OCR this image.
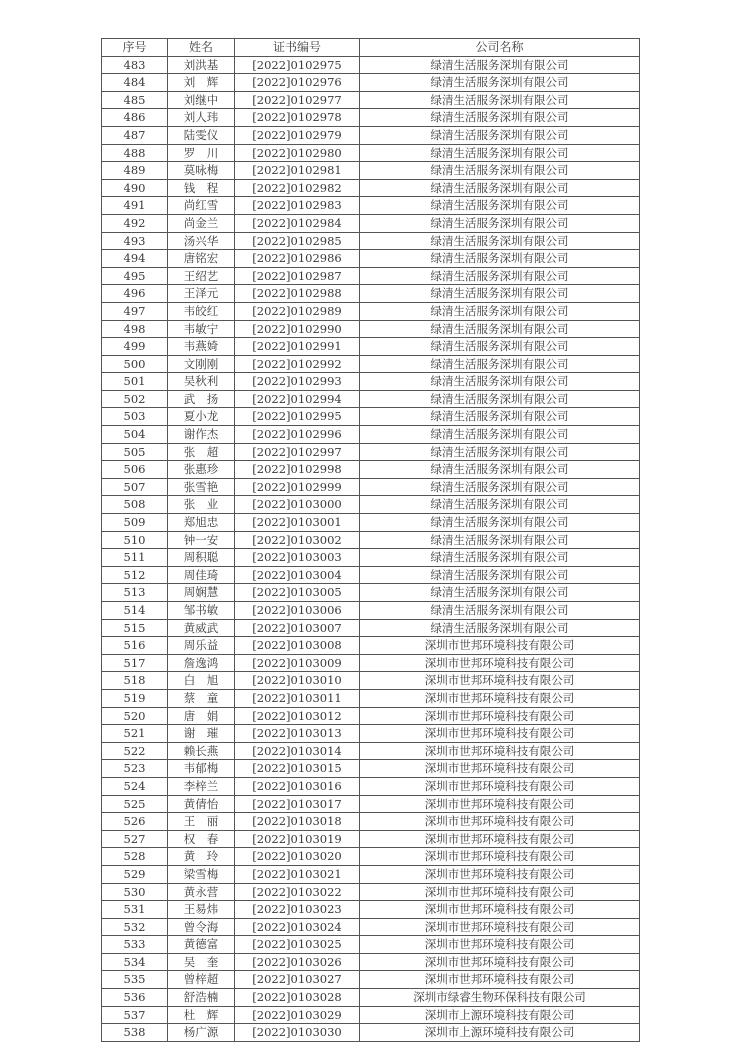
序号	姓名	证书编号	公司名称
483	刘洪基	[2022]0102975	绿清生活服务深圳有限公司
484	刘　辉	[2022]0102976	绿清生活服务深圳有限公司
485	刘继中	[2022]0102977	绿清生活服务深圳有限公司
486	刘人玮	[2022]0102978	绿清生活服务深圳有限公司
487	陆雯仪	[2022]0102979	绿清生活服务深圳有限公司
488	罗　川	[2022]0102980	绿清生活服务深圳有限公司
489	莫咏梅	[2022]0102981	绿清生活服务深圳有限公司
490	钱　程	[2022]0102982	绿清生活服务深圳有限公司
491	尚红雪	[2022]0102983	绿清生活服务深圳有限公司
492	尚金兰	[2022]0102984	绿清生活服务深圳有限公司
493	汤兴华	[2022]0102985	绿清生活服务深圳有限公司
494	唐铭宏	[2022]0102986	绿清生活服务深圳有限公司
495	王绍艺	[2022]0102987	绿清生活服务深圳有限公司
496	王泽元	[2022]0102988	绿清生活服务深圳有限公司
497	韦皎红	[2022]0102989	绿清生活服务深圳有限公司
498	韦敏宁	[2022]0102990	绿清生活服务深圳有限公司
499	韦燕婍	[2022]0102991	绿清生活服务深圳有限公司
500	文刚刚	[2022]0102992	绿清生活服务深圳有限公司
501	吴秋利	[2022]0102993	绿清生活服务深圳有限公司
502	武　扬	[2022]0102994	绿清生活服务深圳有限公司
503	夏小龙	[2022]0102995	绿清生活服务深圳有限公司
504	谢作杰	[2022]0102996	绿清生活服务深圳有限公司
505	张　超	[2022]0102997	绿清生活服务深圳有限公司
506	张惠珍	[2022]0102998	绿清生活服务深圳有限公司
507	张雪艳	[2022]0102999	绿清生活服务深圳有限公司
508	张　业	[2022]0103000	绿清生活服务深圳有限公司
509	郑旭忠	[2022]0103001	绿清生活服务深圳有限公司
510	钟一安	[2022]0103002	绿清生活服务深圳有限公司
511	周积聪	[2022]0103003	绿清生活服务深圳有限公司
512	周佳琦	[2022]0103004	绿清生活服务深圳有限公司
513	周娴慧	[2022]0103005	绿清生活服务深圳有限公司
514	邹书敏	[2022]0103006	绿清生活服务深圳有限公司
515	黄威武	[2022]0103007	绿清生活服务深圳有限公司
516	周乐益	[2022]0103008	深圳市世邦环境科技有限公司
517	詹逸鸿	[2022]0103009	深圳市世邦环境科技有限公司
518	白　旭	[2022]0103010	深圳市世邦环境科技有限公司
519	蔡　童	[2022]0103011	深圳市世邦环境科技有限公司
520	唐　娟	[2022]0103012	深圳市世邦环境科技有限公司
521	谢　璀	[2022]0103013	深圳市世邦环境科技有限公司
522	赖长燕	[2022]0103014	深圳市世邦环境科技有限公司
523	韦郁梅	[2022]0103015	深圳市世邦环境科技有限公司
524	李梓兰	[2022]0103016	深圳市世邦环境科技有限公司
525	黄倩怡	[2022]0103017	深圳市世邦环境科技有限公司
526	王　丽	[2022]0103018	深圳市世邦环境科技有限公司
527	权　春	[2022]0103019	深圳市世邦环境科技有限公司
528	黄　玲	[2022]0103020	深圳市世邦环境科技有限公司
529	梁雪梅	[2022]0103021	深圳市世邦环境科技有限公司
530	黄永营	[2022]0103022	深圳市世邦环境科技有限公司
531	王易炜	[2022]0103023	深圳市世邦环境科技有限公司
532	曾令海	[2022]0103024	深圳市世邦环境科技有限公司
533	黄德富	[2022]0103025	深圳市世邦环境科技有限公司
534	吴　奎	[2022]0103026	深圳市世邦环境科技有限公司
535	曾梓超	[2022]0103027	深圳市世邦环境科技有限公司
536	舒浩楠	[2022]0103028	深圳市绿睿生物环保科技有限公司
537	杜　辉	[2022]0103029	深圳市上源环境科技有限公司
538	杨广源	[2022]0103030	深圳市上源环境科技有限公司
